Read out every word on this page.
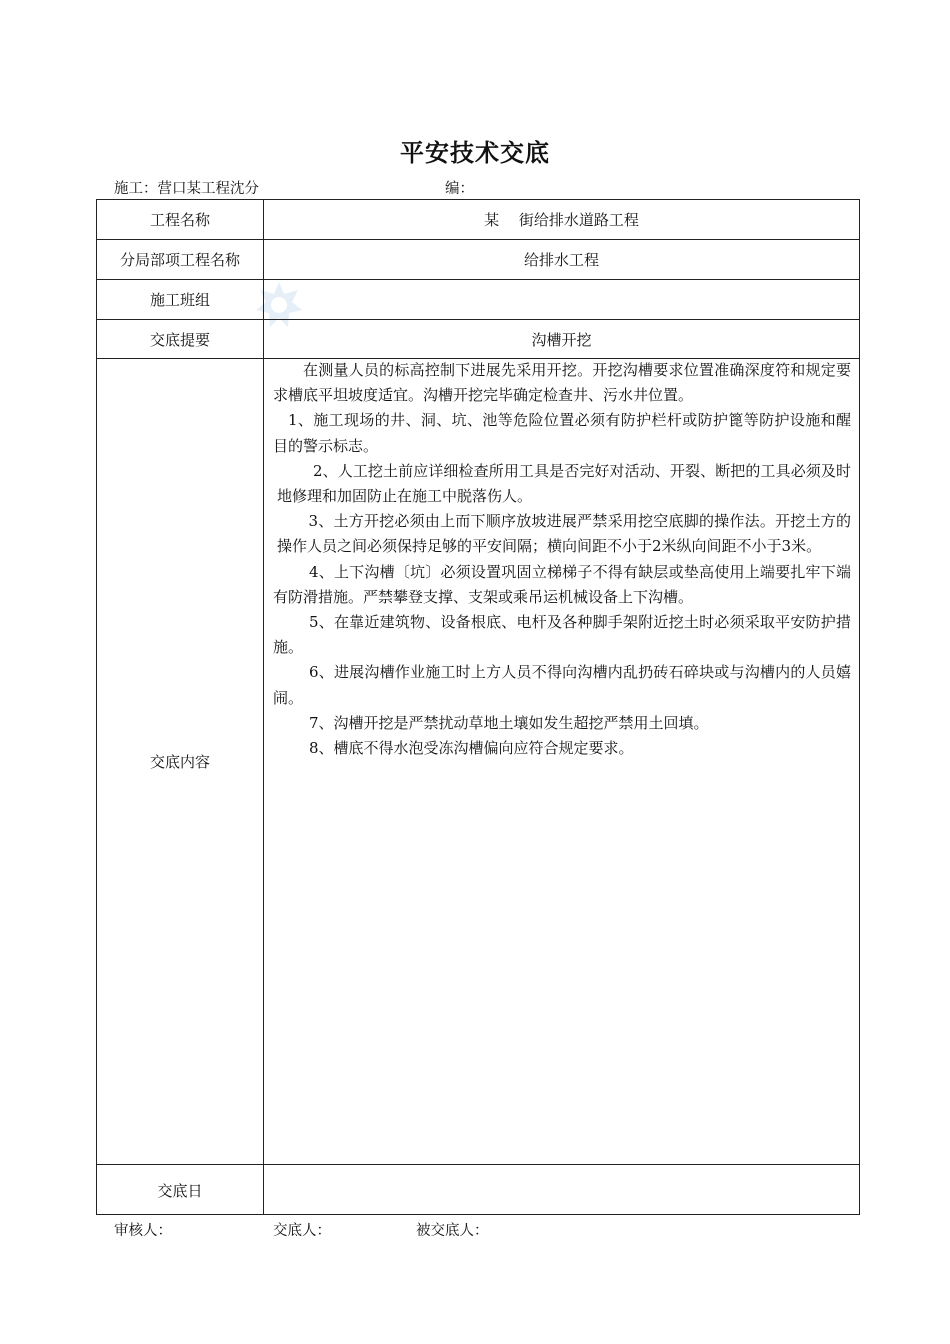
平安技术交底
施工：营口某工程沈分	编：
工程名称	某　 街给排水道路工程
分局部项工程名称	给排水工程
施工班组
交底提要	沟槽开挖
交底内容

在测量人员的标高控制下进展先采用开挖。开挖沟槽要求位置准确深度符和规定要求槽底平坦坡度适宜。沟槽开挖完毕确定检查井、污水井位置。

1、施工现场的井、洞、坑、池等危险位置必须有防护栏杆或防护篦等防护设施和醒目的警示标志。

2、人工挖土前应详细检查所用工具是否完好对活动、开裂、断把的工具必须及时地修理和加固防止在施工中脱落伤人。

3、土方开挖必须由上而下顺序放坡进展严禁采用挖空底脚的操作法。开挖土方的操作人员之间必须保持足够的平安间隔；横向间距不小于2米纵向间距不小于3米。

4、上下沟槽〔坑〕必须设置巩固立梯梯子不得有缺层或垫高使用上端要扎牢下端有防滑措施。严禁攀登支撑、支架或乘吊运机械设备上下沟槽。

5、在靠近建筑物、设备根底、电杆及各种脚手架附近挖土时必须采取平安防护措施。

6、进展沟槽作业施工时上方人员不得向沟槽内乱扔砖石碎块或与沟槽内的人员嬉闹。

7、沟槽开挖是严禁扰动草地土壤如发生超挖严禁用土回填。

8、槽底不得水泡受冻沟槽偏向应符合规定要求。

交底日
审核人：	交底人：	被交底人：
